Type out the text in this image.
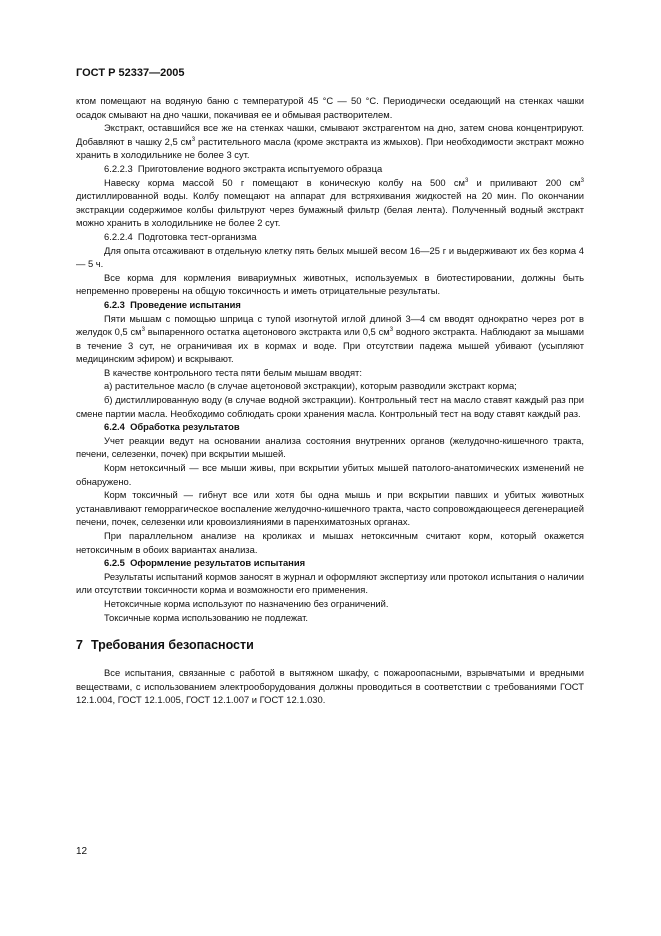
ГОСТ Р 52337—2005

ктом помещают на водяную баню с температурой 45 °С — 50 °С. Периодически оседающий на стенках чашки осадок смывают на дно чашки, покачивая ее и обмывая растворителем.

Экстракт, оставшийся все же на стенках чашки, смывают экстрагентом на дно, затем снова концентрируют. Добавляют в чашку 2,5 $см^3$ растительного масла (кроме экстракта из жмыхов). При необходимости экстракт можно хранить в холодильнике не более 3 сут.

6.2.2.3 Приготовление водного экстракта испытуемого образца

Навеску корма массой 50 г помещают в коническую колбу на 500 $см^3$ и приливают 200 $см^3$ дистиллированной воды. Колбу помещают на аппарат для встряхивания жидкостей на 20 мин. По окончании экстракции содержимое колбы фильтруют через бумажный фильтр (белая лента). Полученный водный экстракт можно хранить в холодильнике не более 2 сут.

6.2.2.4 Подготовка тест-организма

Для опыта отсаживают в отдельную клетку пять белых мышей весом 16—25 г и выдерживают их без корма 4 — 5 ч.

Все корма для кормления вивариумных животных, используемых в биотестировании, должны быть непременно проверены на общую токсичность и иметь отрицательные результаты.

6.2.3 Проведение испытания

Пяти мышам с помощью шприца с тупой изогнутой иглой длиной 3—4 см вводят однократно через рот в желудок 0,5 $см^3$ выпаренного остатка ацетонового экстракта или 0,5 $см^3$ водного экстракта. Наблюдают за мышами в течение 3 сут, не ограничивая их в кормах и воде. При отсутствии падежа мышей убивают (усыпляют медицинским эфиром) и вскрывают.

В качестве контрольного теста пяти белым мышам вводят:

а) растительное масло (в случае ацетоновой экстракции), которым разводили экстракт корма;

б) дистиллированную воду (в случае водной экстракции). Контрольный тест на масло ставят каждый раз при смене партии масла. Необходимо соблюдать сроки хранения масла. Контрольный тест на воду ставят каждый раз.

6.2.4 Обработка результатов

Учет реакции ведут на основании анализа состояния внутренних органов (желудочно-кишечного тракта, печени, селезенки, почек) при вскрытии мышей.

Корм нетоксичный — все мыши живы, при вскрытии убитых мышей патолого-анатомических изменений не обнаружено.

Корм токсичный — гибнут все или хотя бы одна мышь и при вскрытии павших и убитых животных устанавливают геморрагическое воспаление желудочно-кишечного тракта, часто сопровождающееся дегенерацией печени, почек, селезенки или кровоизлияниями в паренхиматозных органах.

При параллельном анализе на кроликах и мышах нетоксичным считают корм, который окажется нетоксичным в обоих вариантах анализа.

6.2.5 Оформление результатов испытания

Результаты испытаний кормов заносят в журнал и оформляют экспертизу или протокол испытания о наличии или отсутствии токсичности корма и возможности его применения.

Нетоксичные корма используют по назначению без ограничений.

Токсичные корма использованию не подлежат.

7 Требования безопасности

Все испытания, связанные с работой в вытяжном шкафу, с пожароопасными, взрывчатыми и вредными веществами, с использованием электрооборудования должны проводиться в соответствии с требованиями ГОСТ 12.1.004, ГОСТ 12.1.005, ГОСТ 12.1.007 и ГОСТ 12.1.030.

12
